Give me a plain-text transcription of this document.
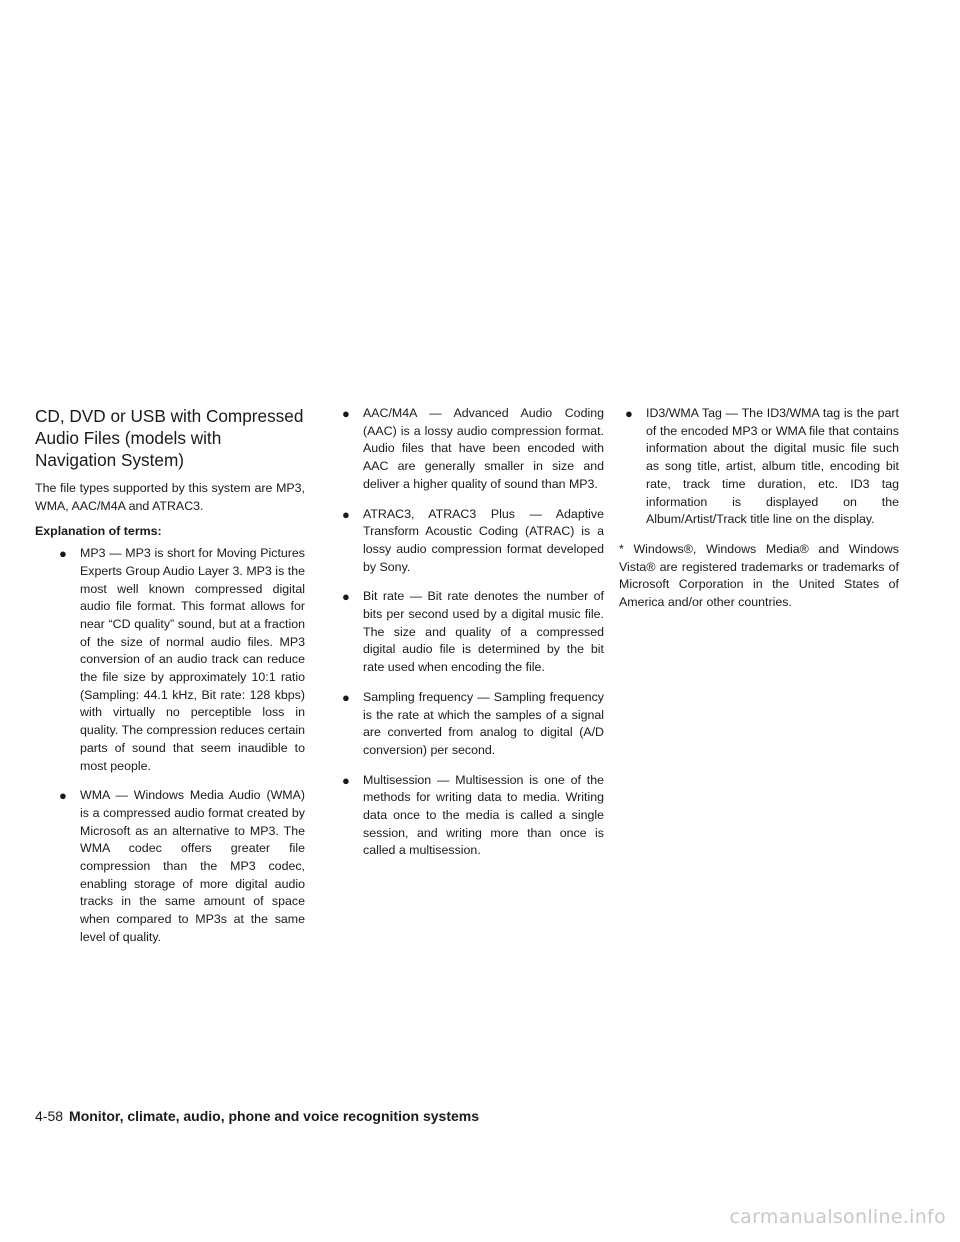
CD, DVD or USB with Compressed Audio Files (models with Navigation System)

The file types supported by this system are MP3, WMA, AAC/M4A and ATRAC3.

Explanation of terms:

● MP3 — MP3 is short for Moving Pictures Experts Group Audio Layer 3. MP3 is the most well known compressed digital audio file format. This format allows for near “CD quality” sound, but at a fraction of the size of normal audio files. MP3 conversion of an audio track can reduce the file size by approximately 10:1 ratio (Sampling: 44.1 kHz, Bit rate: 128 kbps) with virtually no perceptible loss in quality. The compression reduces certain parts of sound that seem inaudible to most people.
● WMA — Windows Media Audio (WMA) is a compressed audio format created by Microsoft as an alternative to MP3. The WMA codec offers greater file compression than the MP3 codec, enabling storage of more digital audio tracks in the same amount of space when compared to MP3s at the same level of quality.
● AAC/M4A — Advanced Audio Coding (AAC) is a lossy audio compression format. Audio files that have been encoded with AAC are generally smaller in size and deliver a higher quality of sound than MP3.
● ATRAC3, ATRAC3 Plus — Adaptive Transform Acoustic Coding (ATRAC) is a lossy audio compression format developed by Sony.
● Bit rate — Bit rate denotes the number of bits per second used by a digital music file. The size and quality of a compressed digital audio file is determined by the bit rate used when encoding the file.
● Sampling frequency — Sampling frequency is the rate at which the samples of a signal are converted from analog to digital (A/D conversion) per second.
● Multisession — Multisession is one of the methods for writing data to media. Writing data once to the media is called a single session, and writing more than once is called a multisession.
● ID3/WMA Tag — The ID3/WMA tag is the part of the encoded MP3 or WMA file that contains information about the digital music file such as song title, artist, album title, encoding bit rate, track time duration, etc. ID3 tag information is displayed on the Album/Artist/Track title line on the display.

* Windows®, Windows Media® and Windows Vista® are registered trademarks or trademarks of Microsoft Corporation in the United States of America and/or other countries.

4-58 Monitor, climate, audio, phone and voice recognition systems
carmanualsonline.info
